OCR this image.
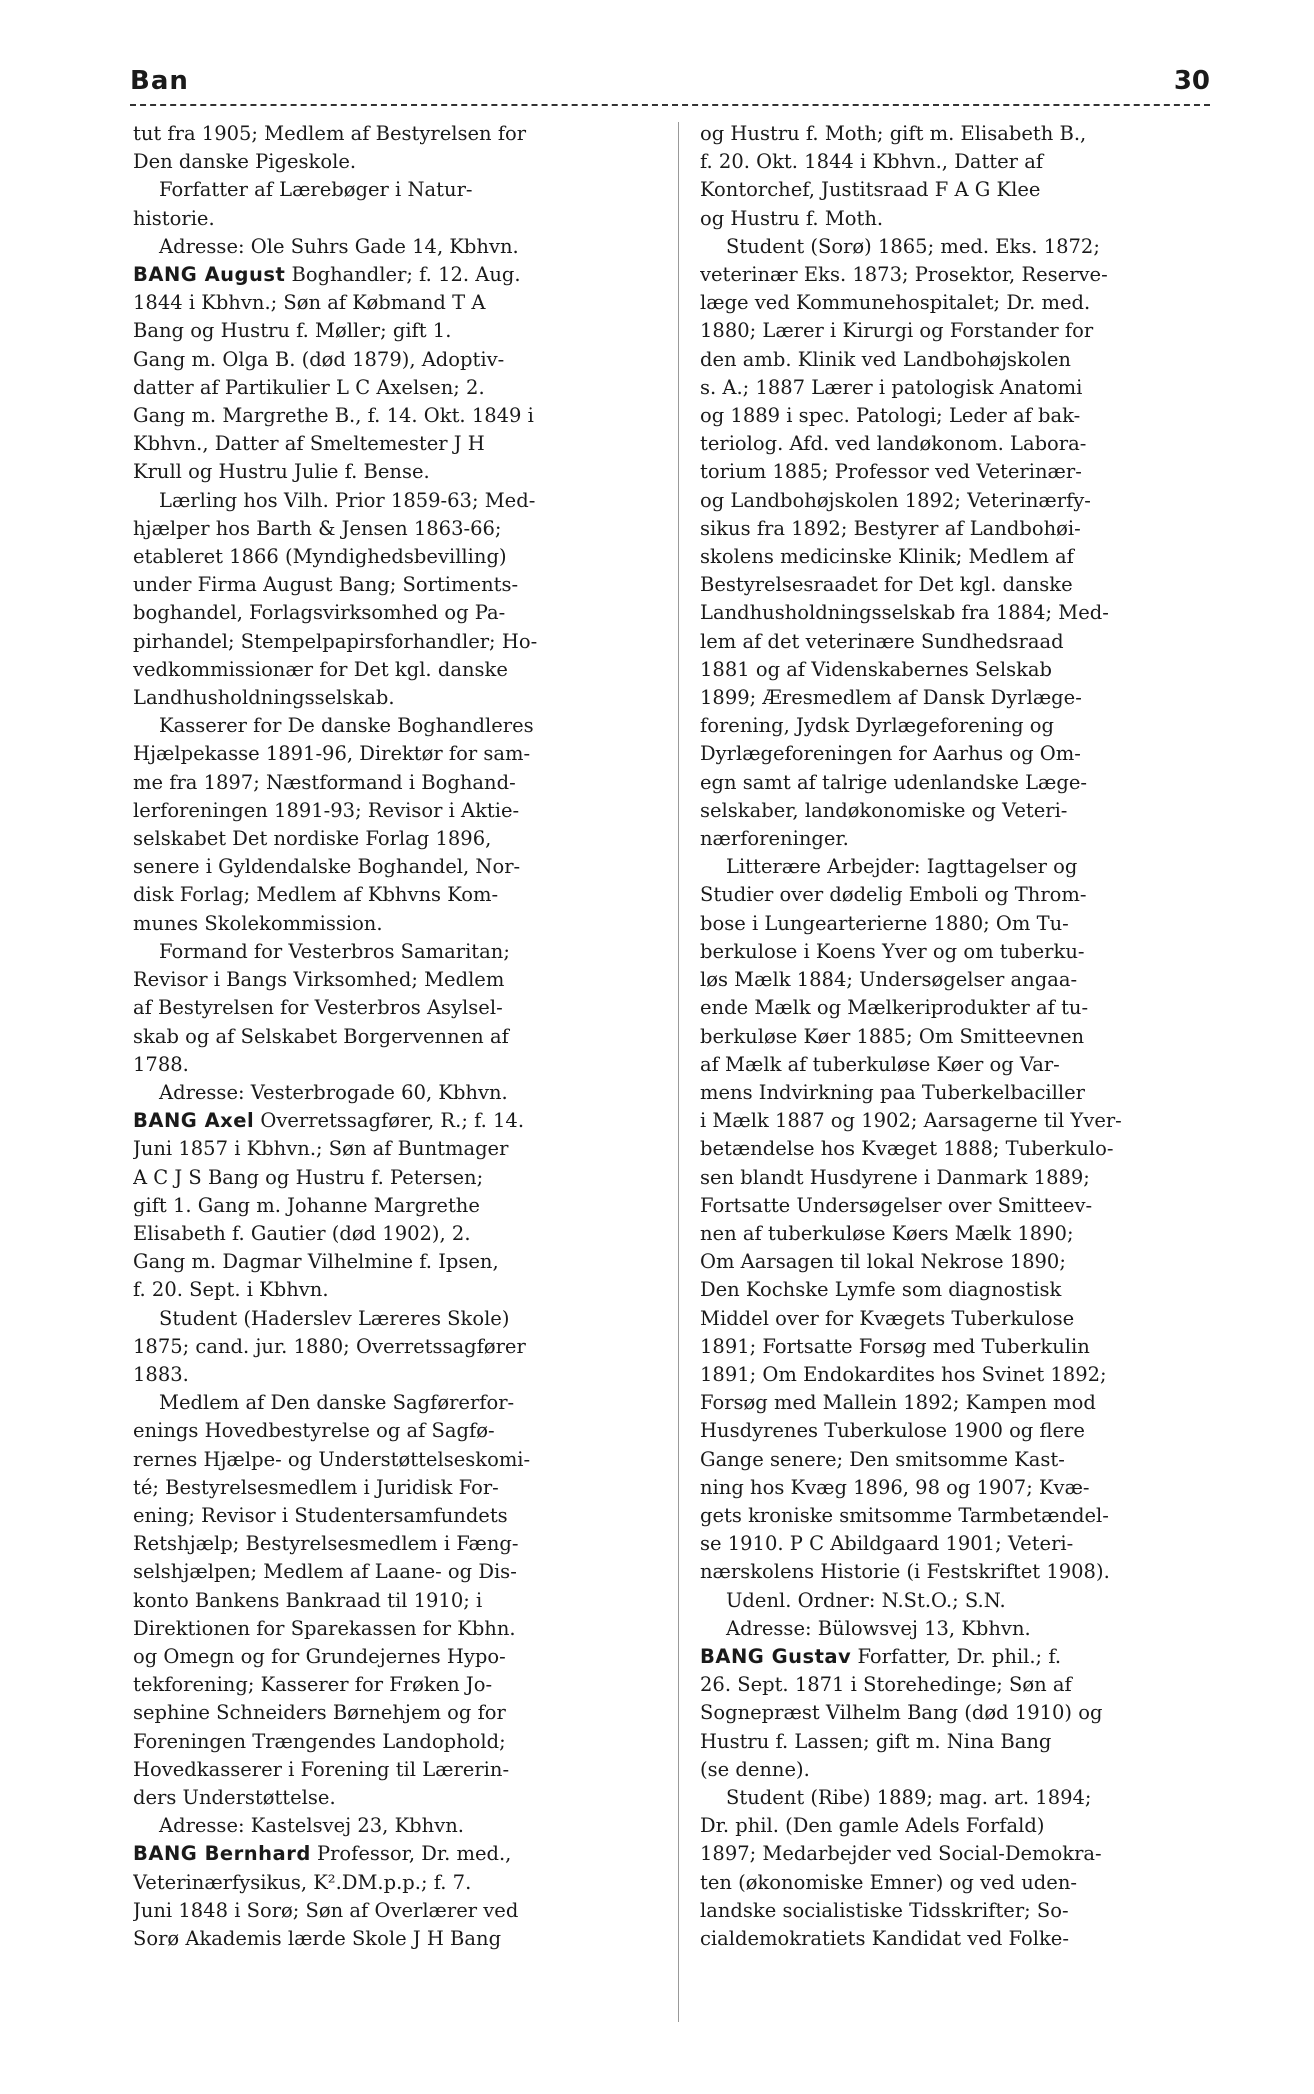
Ban	30
tut fra 1905; Medlem af Bestyrelsen for
Den danske Pigeskole.
Forfatter af Lærebøger i Natur-
historie.
Adresse: Ole Suhrs Gade 14, Kbhvn.
BANG August Boghandler; f. 12. Aug.
1844 i Kbhvn.; Søn af Købmand T A
Bang og Hustru f. Møller; gift 1.
Gang m. Olga B. (død 1879), Adoptiv-
datter af Partikulier L C Axelsen; 2.
Gang m. Margrethe B., f. 14. Okt. 1849 i
Kbhvn., Datter af Smeltemester J H
Krull og Hustru Julie f. Bense.
Lærling hos Vilh. Prior 1859-63; Med-
hjælper hos Barth & Jensen 1863-66;
etableret 1866 (Myndighedsbevilling)
under Firma August Bang; Sortiments-
boghandel, Forlagsvirksomhed og Pa-
pirhandel; Stempelpapirsforhandler; Ho-
vedkommissionær for Det kgl. danske
Landhusholdningsselskab.
Kasserer for De danske Boghandleres
Hjælpekasse 1891-96, Direktør for sam-
me fra 1897; Næstformand i Boghand-
lerforeningen 1891-93; Revisor i Aktie-
selskabet Det nordiske Forlag 1896,
senere i Gyldendalske Boghandel, Nor-
disk Forlag; Medlem af Kbhvns Kom-
munes Skolekommission.
Formand for Vesterbros Samaritan;
Revisor i Bangs Virksomhed; Medlem
af Bestyrelsen for Vesterbros Asylsel-
skab og af Selskabet Borgervennen af
1788.
Adresse: Vesterbrogade 60, Kbhvn.
BANG Axel Overretssagfører, R.; f. 14.
Juni 1857 i Kbhvn.; Søn af Buntmager
A C J S Bang og Hustru f. Petersen;
gift 1. Gang m. Johanne Margrethe
Elisabeth f. Gautier (død 1902), 2.
Gang m. Dagmar Vilhelmine f. Ipsen,
f. 20. Sept. i Kbhvn.
Student (Haderslev Læreres Skole)
1875; cand. jur. 1880; Overretssagfører
1883.
Medlem af Den danske Sagførerfor-
enings Hovedbestyrelse og af Sagfø-
rernes Hjælpe- og Understøttelseskomi-
té; Bestyrelsesmedlem i Juridisk For-
ening; Revisor i Studentersamfundets
Retshjælp; Bestyrelsesmedlem i Fæng-
selshjælpen; Medlem af Laane- og Dis-
konto Bankens Bankraad til 1910; i
Direktionen for Sparekassen for Kbhn.
og Omegn og for Grundejernes Hypo-
tekforening; Kasserer for Frøken Jo-
sephine Schneiders Børnehjem og for
Foreningen Trængendes Landophold;
Hovedkasserer i Forening til Lærerin-
ders Understøttelse.
Adresse: Kastelsvej 23, Kbhvn.
BANG Bernhard Professor, Dr. med.,
Veterinærfysikus, K².DM.p.p.; f. 7.
Juni 1848 i Sorø; Søn af Overlærer ved
Sorø Akademis lærde Skole J H Bang
og Hustru f. Moth; gift m. Elisabeth B.,
f. 20. Okt. 1844 i Kbhvn., Datter af
Kontorchef, Justitsraad F A G Klee
og Hustru f. Moth.
Student (Sorø) 1865; med. Eks. 1872;
veterinær Eks. 1873; Prosektor, Reserve-
læge ved Kommunehospitalet; Dr. med.
1880; Lærer i Kirurgi og Forstander for
den amb. Klinik ved Landbohøjskolen
s. A.; 1887 Lærer i patologisk Anatomi
og 1889 i spec. Patologi; Leder af bak-
teriolog. Afd. ved landøkonom. Labora-
torium 1885; Professor ved Veterinær-
og Landbohøjskolen 1892; Veterinærfy-
sikus fra 1892; Bestyrer af Landbohøi-
skolens medicinske Klinik; Medlem af
Bestyrelsesraadet for Det kgl. danske
Landhusholdningsselskab fra 1884; Med-
lem af det veterinære Sundhedsraad
1881 og af Videnskabernes Selskab
1899; Æresmedlem af Dansk Dyrlæge-
forening, Jydsk Dyrlægeforening og
Dyrlægeforeningen for Aarhus og Om-
egn samt af talrige udenlandske Læge-
selskaber, landøkonomiske og Veteri-
nærforeninger.
Litterære Arbejder: Iagttagelser og
Studier over dødelig Emboli og Throm-
bose i Lungearterierne 1880; Om Tu-
berkulose i Koens Yver og om tuberku-
løs Mælk 1884; Undersøgelser angaa-
ende Mælk og Mælkeriprodukter af tu-
berkuløse Køer 1885; Om Smitteevnen
af Mælk af tuberkuløse Køer og Var-
mens Indvirkning paa Tuberkelbaciller
i Mælk 1887 og 1902; Aarsagerne til Yver-
betændelse hos Kvæget 1888; Tuberkulo-
sen blandt Husdyrene i Danmark 1889;
Fortsatte Undersøgelser over Smitteev-
nen af tuberkuløse Køers Mælk 1890;
Om Aarsagen til lokal Nekrose 1890;
Den Kochske Lymfe som diagnostisk
Middel over for Kvægets Tuberkulose
1891; Fortsatte Forsøg med Tuberkulin
1891; Om Endokardites hos Svinet 1892;
Forsøg med Mallein 1892; Kampen mod
Husdyrenes Tuberkulose 1900 og flere
Gange senere; Den smitsomme Kast-
ning hos Kvæg 1896, 98 og 1907; Kvæ-
gets kroniske smitsomme Tarmbetændel-
se 1910. P C Abildgaard 1901; Veteri-
nærskolens Historie (i Festskriftet 1908).
Udenl. Ordner: N.St.O.; S.N.
Adresse: Bülowsvej 13, Kbhvn.
BANG Gustav Forfatter, Dr. phil.; f.
26. Sept. 1871 i Storehedinge; Søn af
Sognepræst Vilhelm Bang (død 1910) og
Hustru f. Lassen; gift m. Nina Bang
(se denne).
Student (Ribe) 1889; mag. art. 1894;
Dr. phil. (Den gamle Adels Forfald)
1897; Medarbejder ved Social-Demokra-
ten (økonomiske Emner) og ved uden-
landske socialistiske Tidsskrifter; So-
cialdemokratiets Kandidat ved Folke-
